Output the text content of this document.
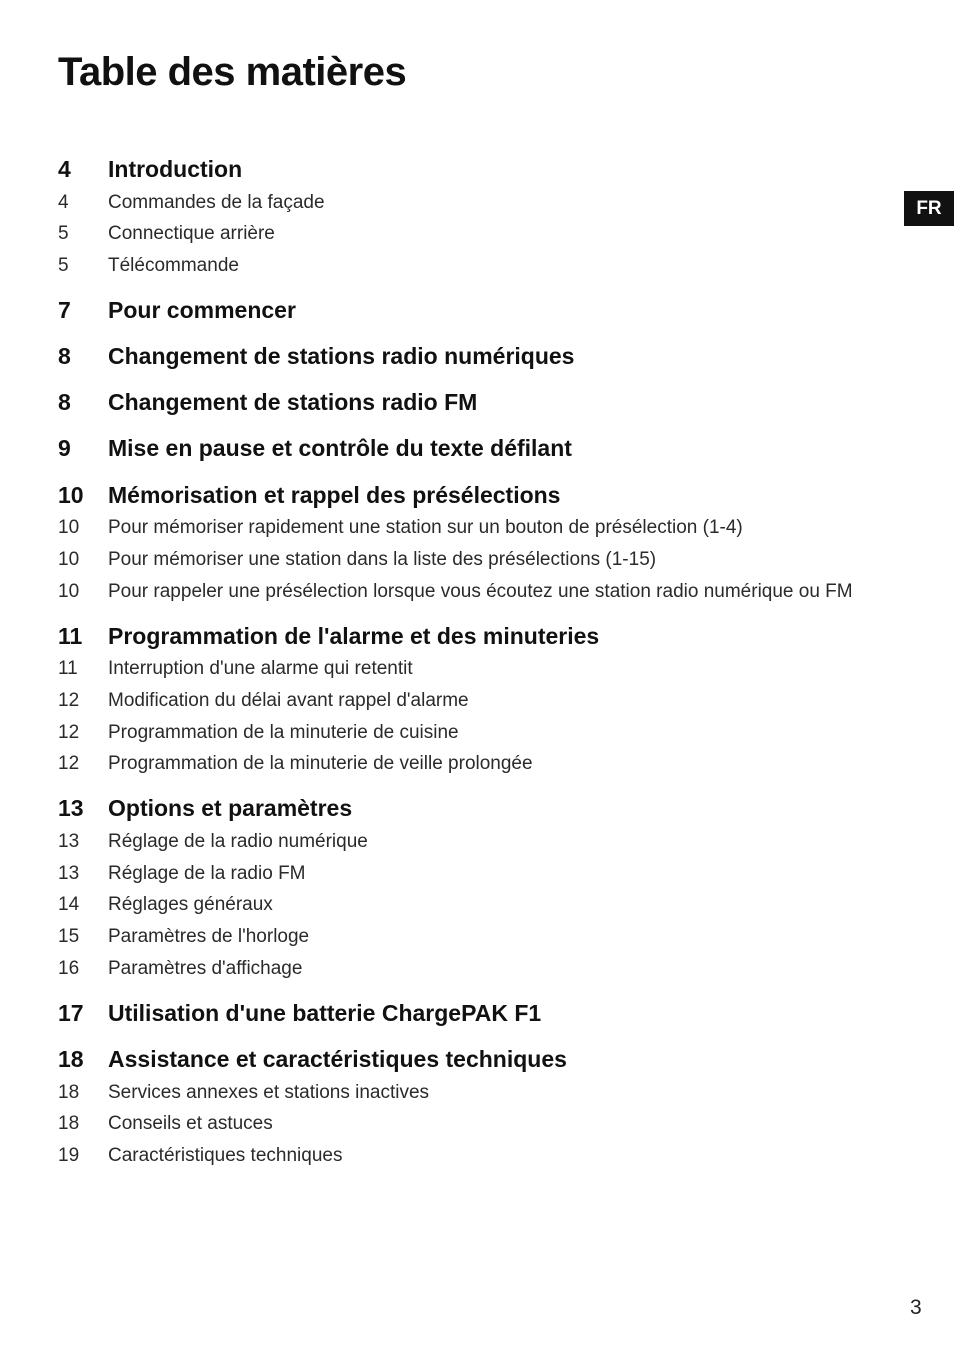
Table des matières
FR
4 Introduction
4 Commandes de la façade
5 Connectique arrière
5 Télécommande
7 Pour commencer
8 Changement de stations radio numériques
8 Changement de stations radio FM
9 Mise en pause et contrôle du texte défilant
10 Mémorisation et rappel des présélections
10 Pour mémoriser rapidement une station sur un bouton de présélection (1-4)
10 Pour mémoriser une station dans la liste des présélections (1-15)
10 Pour rappeler une présélection lorsque vous écoutez une station radio numérique ou FM
11 Programmation de l'alarme et des minuteries
11 Interruption d'une alarme qui retentit
12 Modification du délai avant rappel d'alarme
12 Programmation de la minuterie de cuisine
12 Programmation de la minuterie de veille prolongée
13 Options et paramètres
13 Réglage de la radio numérique
13 Réglage de la radio FM
14 Réglages généraux
15 Paramètres de l'horloge
16 Paramètres d'affichage
17 Utilisation d'une batterie ChargePAK F1
18 Assistance et caractéristiques techniques
18 Services annexes et stations inactives
18 Conseils et astuces
19 Caractéristiques techniques
3
